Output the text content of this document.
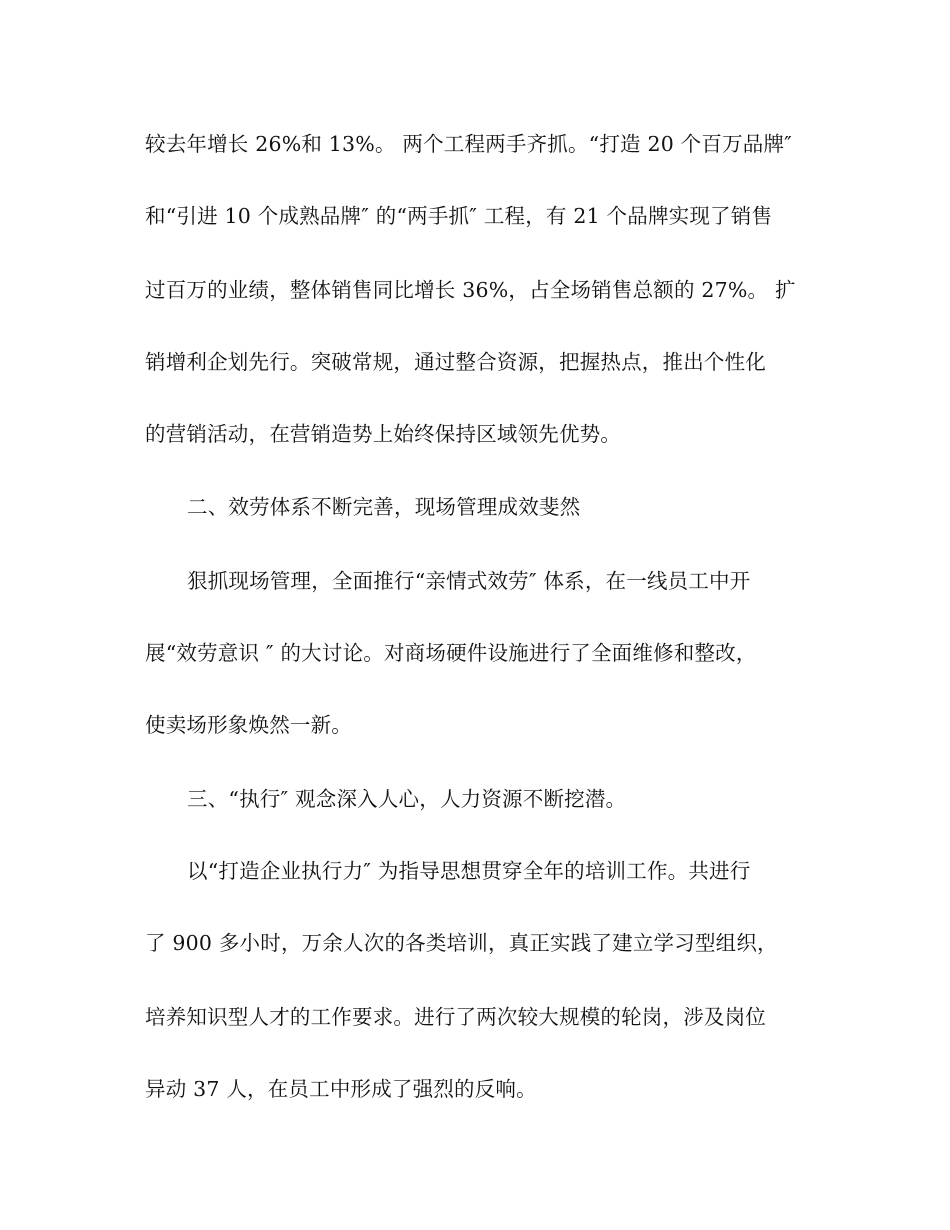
较去年增长 26%和 13%。 两个工程两手齐抓。“打造 20 个百万品牌″
和“引进 10 个成熟品牌″ 的“两手抓″ 工程，有 21 个品牌实现了销售
过百万的业绩，整体销售同比增长 36%，占全场销售总额的 27%。 扩
销增利企划先行。突破常规，通过整合资源，把握热点，推出个性化
的营销活动，在营销造势上始终保持区域领先优势。
二、效劳体系不断完善，现场管理成效斐然
狠抓现场管理，全面推行“亲情式效劳″ 体系，在一线员工中开
展“效劳意识 ″ 的大讨论。对商场硬件设施进行了全面维修和整改，
使卖场形象焕然一新。
三、“执行″ 观念深入人心，人力资源不断挖潜。
以“打造企业执行力″ 为指导思想贯穿全年的培训工作。共进行
了 900 多小时，万余人次的各类培训，真正实践了建立学习型组织，
培养知识型人才的工作要求。进行了两次较大规模的轮岗，涉及岗位
异动 37 人，在员工中形成了强烈的反响。
